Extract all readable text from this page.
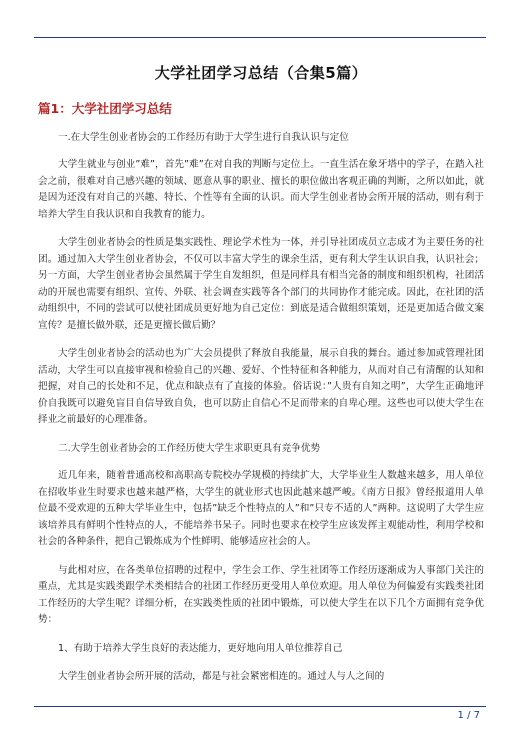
大学社团学习总结（合集5篇）
篇1：大学社团学习总结
一.在大学生创业者协会的工作经历有助于大学生进行自我认识与定位

大学生就业与创业”难”，首先”难”在对自我的判断与定位上。一直生活在象牙塔中的学子，在踏入社会之前，很难对自己感兴趣的领域、愿意从事的职业、擅长的职位做出客观正确的判断，之所以如此，就是因为还没有对自己的兴趣、特长、个性等有全面的认识。而大学生创业者协会所开展的活动，则有利于培养大学生自我认识和自我教育的能力。

大学生创业者协会的性质是集实践性、理论学术性为一体，并引导社团成员立志成才为主要任务的社团。通过加入大学生创业者协会，不仅可以丰富大学生的课余生活，更有利大学生认识自我，认识社会；另一方面，大学生创业者协会虽然属于学生自发组织，但是同样具有相当完备的制度和组织机构，社团活动的开展也需要有组织、宣传、外联、社会调查实践等各个部门的共同协作才能完成。因此，在社团的活动组织中，不同的尝试可以使社团成员更好地为自己定位：到底是适合做组织策划，还是更加适合做文案宣传？是擅长做外联，还是更擅长做后勤？

大学生创业者协会的活动也为广大会员提供了释放自我能量，展示自我的舞台。通过参加或管理社团活动，大学生可以直接审视和检验自己的兴趣、爱好、个性特征和各种能力，从而对自己有清醒的认知和把握，对自己的长处和不足，优点和缺点有了直接的体验。俗话说：”人贵有自知之明”，大学生正确地评价自我既可以避免盲目自信导致自负，也可以防止自信心不足而带来的自卑心理。这些也可以使大学生在择业之前最好的心理准备。

二.大学生创业者协会的工作经历使大学生求职更具有竞争优势

近几年来，随着普通高校和高职高专院校办学规模的持续扩大，大学毕业生人数越来越多，用人单位在招收毕业生时要求也越来越严格，大学生的就业形式也因此越来越严峻。《南方日报》曾经报道用人单位最不受欢迎的五种大学毕业生中，包括”缺乏个性特点的人”和”只专不适的人”两种。这说明了大学生应该培养具有鲜明个性特点的人，不能培养书呆子。同时也要求在校学生应该发挥主观能动性，利用学校和社会的各种条件，把自己锻炼成为个性鲜明、能够适应社会的人。

与此相对应，在各类单位招聘的过程中，学生会工作、学生社团等工作经历逐渐成为人事部门关注的重点，尤其是实践类跟学术类相结合的社团工作经历更受用人单位欢迎。用人单位为何偏爱有实践类社团工作经历的大学生呢？详细分析，在实践类性质的社团中锻炼，可以使大学生在以下几个方面拥有竞争优势：

1、有助于培养大学生良好的表达能力，更好地向用人单位推荐自己

大学生创业者协会所开展的活动，都是与社会紧密相连的。通过人与人之间的

1 / 7
